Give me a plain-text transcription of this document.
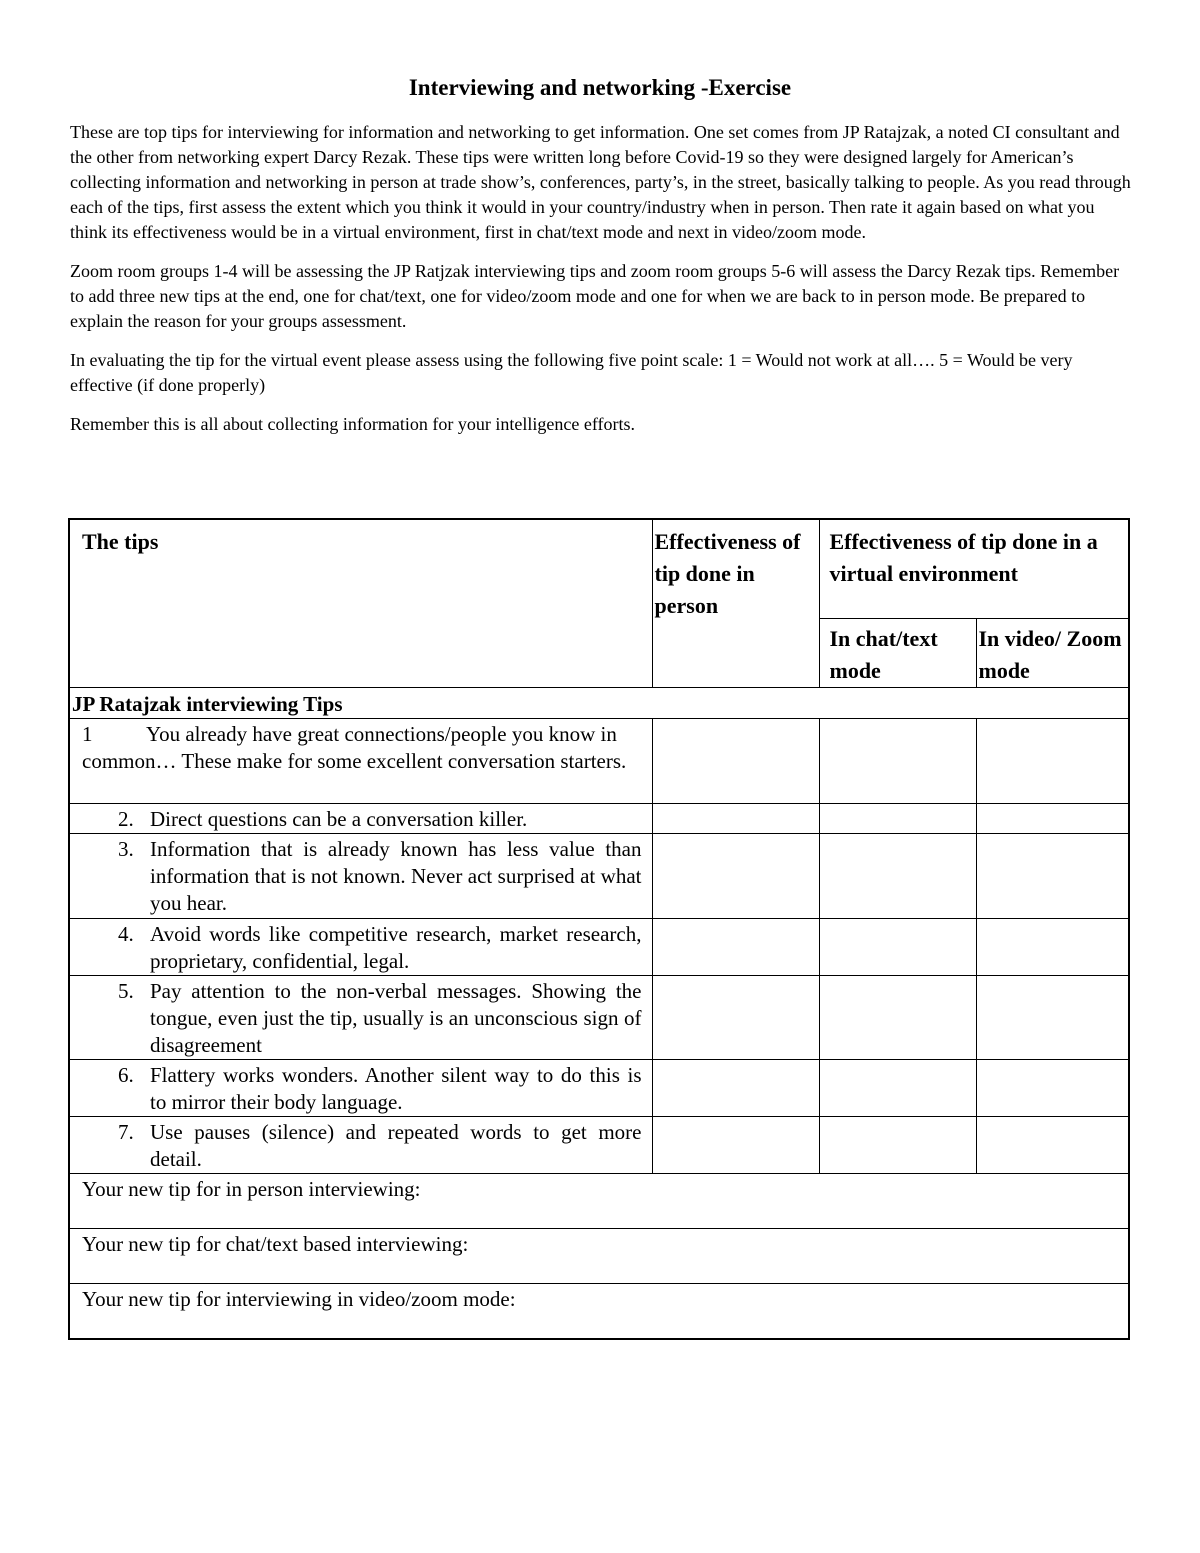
Interviewing and networking -Exercise

These are top tips for interviewing for information and networking to get information. One set comes from JP Ratajzak, a noted CI consultant and the other from networking expert Darcy Rezak. These tips were written long before Covid-19 so they were designed largely for American’s collecting information and networking in person at trade show’s, conferences, party’s, in the street, basically talking to people. As you read through each of the tips, first assess the extent which you think it would in your country/industry when in person. Then rate it again based on what you think its effectiveness would be in a virtual environment, first in chat/text mode and next in video/zoom mode.

Zoom room groups 1-4 will be assessing the JP Ratjzak interviewing tips and zoom room groups 5-6 will assess the Darcy Rezak tips. Remember to add three new tips at the end, one for chat/text, one for video/zoom mode and one for when we are back to in person mode. Be prepared to explain the reason for your groups assessment.

In evaluating the tip for the virtual event please assess using the following five point scale: 1 = Would not work at all…. 5 = Would be very effective (if done properly)

Remember this is all about collecting information for your intelligence efforts.

The tips	Effectiveness of tip done in person	Effectiveness of tip done in a virtual environment	
		In chat/text mode	In video/ Zoom mode
JP Ratajzak interviewing Tips			
1 You already have great connections/people you know in common… These make for some excellent conversation starters.			

2. Direct questions can be a conversation killer.			

3. Information that is already known has less value than information that is not known. Never act surprised at what you hear.			

4. Avoid words like competitive research, market research, proprietary, confidential, legal.			

5. Pay attention to the non-verbal messages. Showing the tongue, even just the tip, usually is an unconscious sign of disagreement			

6. Flattery works wonders. Another silent way to do this is to mirror their body language.			

7. Use pauses (silence) and repeated words to get more detail.			

Your new tip for in person interviewing:			
Your new tip for chat/text based interviewing:			
Your new tip for interviewing in video/zoom mode:			
